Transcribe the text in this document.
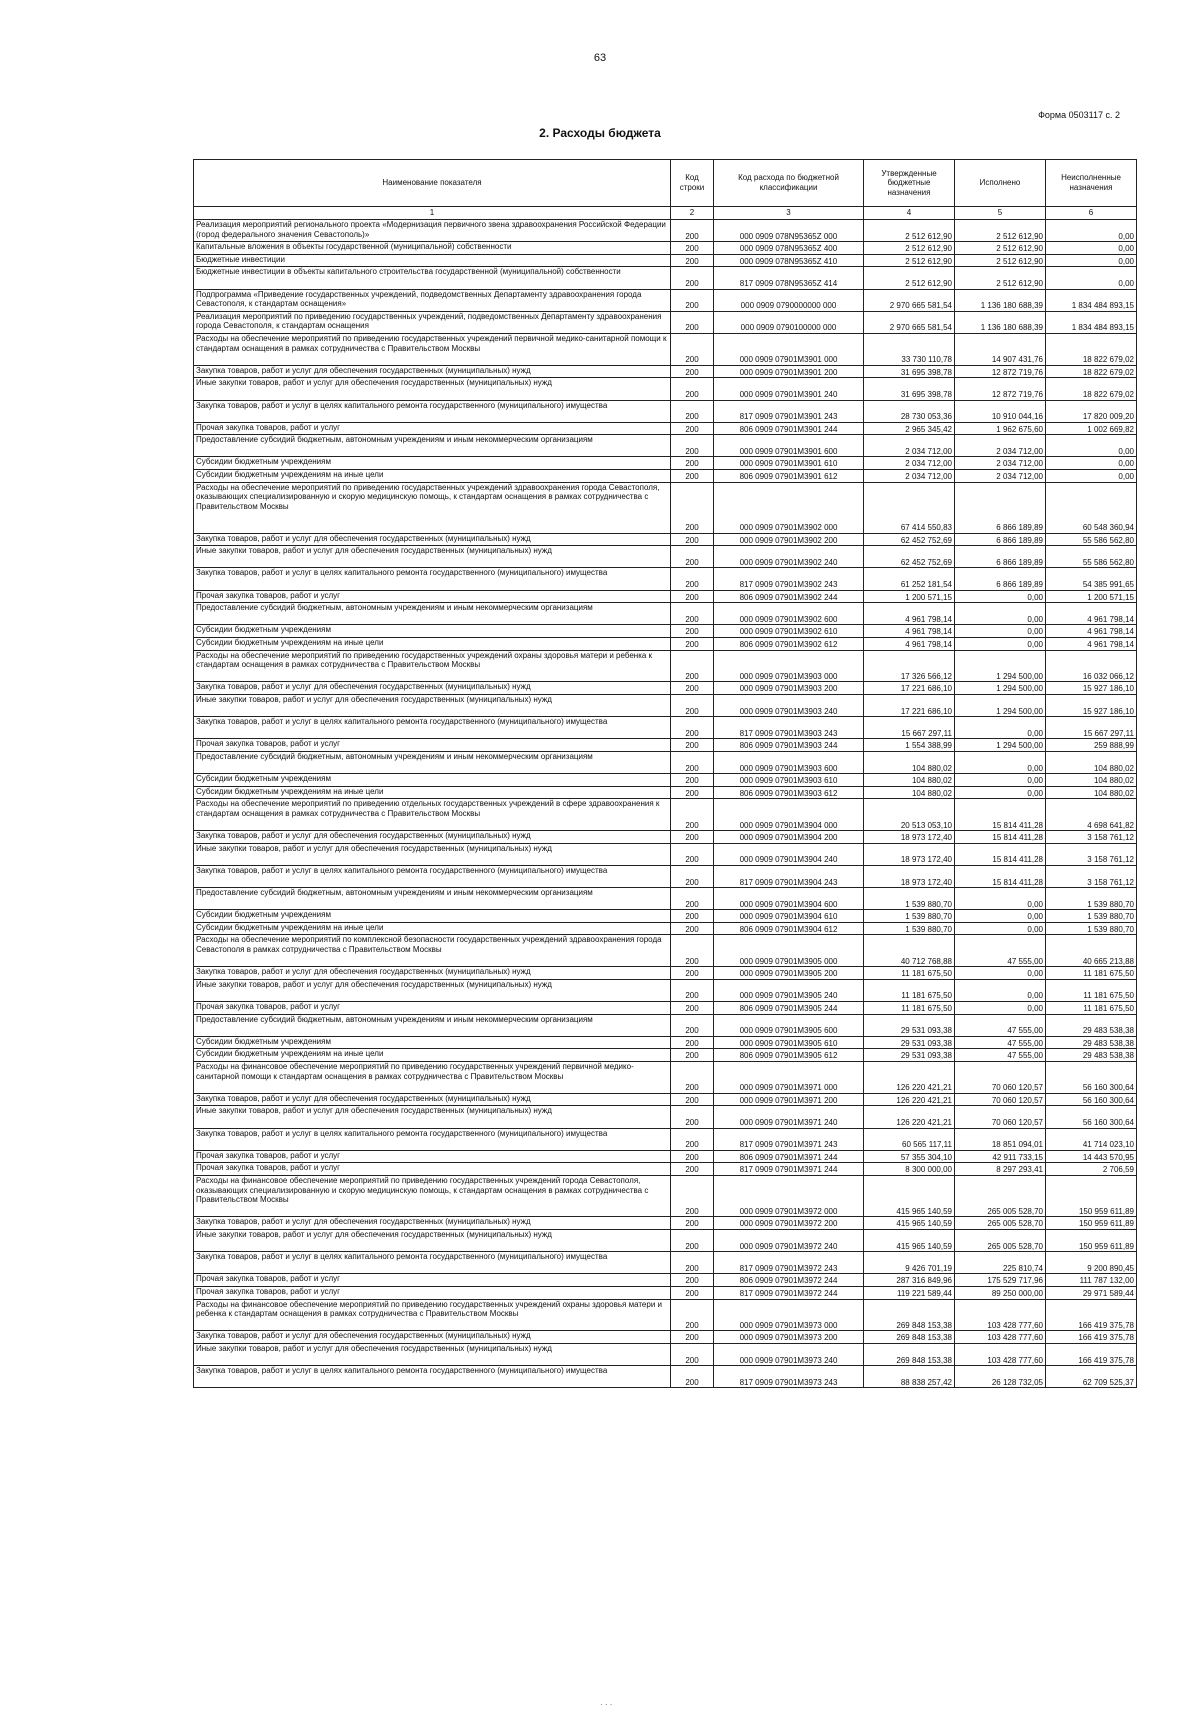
63
Форма 0503117 с. 2
2. Расходы бюджета
Наименование показателя	Код строки	Код расхода по бюджетной классификации	Утвержденные бюджетные назначения	Исполнено	Неисполненные назначения
1	2	3	4	5	6
Реализация мероприятий регионального проекта «Модернизация первичного звена здравоохранения Российской Федерации (город федерального значения Севастополь)»	200	000 0909 078N95365Z 000	2 512 612,90	2 512 612,90	0,00
Капитальные вложения в объекты государственной (муниципальной) собственности	200	000 0909 078N95365Z 400	2 512 612,90	2 512 612,90	0,00
Бюджетные инвестиции	200	000 0909 078N95365Z 410	2 512 612,90	2 512 612,90	0,00
Бюджетные инвестиции в объекты капитального строительства государственной (муниципальной) собственности	200	817 0909 078N95365Z 414	2 512 612,90	2 512 612,90	0,00
Подпрограмма «Приведение государственных учреждений, подведомственных Департаменту здравоохранения города Севастополя, к стандартам оснащения»	200	000 0909 0790000000 000	2 970 665 581,54	1 136 180 688,39	1 834 484 893,15
Реализация мероприятий по приведению государственных учреждений, подведомственных Департаменту здравоохранения города Севастополя, к стандартам оснащения	200	000 0909 0790100000 000	2 970 665 581,54	1 136 180 688,39	1 834 484 893,15
Расходы на обеспечение мероприятий по приведению государственных учреждений первичной медико-санитарной помощи к стандартам оснащения в рамках сотрудничества с Правительством Москвы	200	000 0909 07901M3901 000	33 730 110,78	14 907 431,76	18 822 679,02
Закупка товаров, работ и услуг для обеспечения государственных (муниципальных) нужд	200	000 0909 07901M3901 200	31 695 398,78	12 872 719,76	18 822 679,02
Иные закупки товаров, работ и услуг для обеспечения государственных (муниципальных) нужд	200	000 0909 07901M3901 240	31 695 398,78	12 872 719,76	18 822 679,02
Закупка товаров, работ и услуг в целях капитального ремонта государственного (муниципального) имущества	200	817 0909 07901M3901 243	28 730 053,36	10 910 044,16	17 820 009,20
Прочая закупка товаров, работ и услуг	200	806 0909 07901M3901 244	2 965 345,42	1 962 675,60	1 002 669,82
Предоставление субсидий бюджетным, автономным учреждениям и иным некоммерческим организациям	200	000 0909 07901M3901 600	2 034 712,00	2 034 712,00	0,00
Субсидии бюджетным учреждениям	200	000 0909 07901M3901 610	2 034 712,00	2 034 712,00	0,00
Субсидии бюджетным учреждениям на иные цели	200	806 0909 07901M3901 612	2 034 712,00	2 034 712,00	0,00
Расходы на обеспечение мероприятий по приведению государственных учреждений здравоохранения города Севастополя, оказывающих специализированную и скорую медицинскую помощь, к стандартам оснащения в рамках сотрудничества с Правительством Москвы	200	000 0909 07901M3902 000	67 414 550,83	6 866 189,89	60 548 360,94
Закупка товаров, работ и услуг для обеспечения государственных (муниципальных) нужд	200	000 0909 07901M3902 200	62 452 752,69	6 866 189,89	55 586 562,80
Иные закупки товаров, работ и услуг для обеспечения государственных (муниципальных) нужд	200	000 0909 07901M3902 240	62 452 752,69	6 866 189,89	55 586 562,80
Закупка товаров, работ и услуг в целях капитального ремонта государственного (муниципального) имущества	200	817 0909 07901M3902 243	61 252 181,54	6 866 189,89	54 385 991,65
Прочая закупка товаров, работ и услуг	200	806 0909 07901M3902 244	1 200 571,15	0,00	1 200 571,15
Предоставление субсидий бюджетным, автономным учреждениям и иным некоммерческим организациям	200	000 0909 07901M3902 600	4 961 798,14	0,00	4 961 798,14
Субсидии бюджетным учреждениям	200	000 0909 07901M3902 610	4 961 798,14	0,00	4 961 798,14
Субсидии бюджетным учреждениям на иные цели	200	806 0909 07901M3902 612	4 961 798,14	0,00	4 961 798,14
Расходы на обеспечение мероприятий по приведению государственных учреждений охраны здоровья матери и ребенка к стандартам оснащения в рамках сотрудничества с Правительством Москвы	200	000 0909 07901M3903 000	17 326 566,12	1 294 500,00	16 032 066,12
Закупка товаров, работ и услуг для обеспечения государственных (муниципальных) нужд	200	000 0909 07901M3903 200	17 221 686,10	1 294 500,00	15 927 186,10
Иные закупки товаров, работ и услуг для обеспечения государственных (муниципальных) нужд	200	000 0909 07901M3903 240	17 221 686,10	1 294 500,00	15 927 186,10
Закупка товаров, работ и услуг в целях капитального ремонта государственного (муниципального) имущества	200	817 0909 07901M3903 243	15 667 297,11	0,00	15 667 297,11
Прочая закупка товаров, работ и услуг	200	806 0909 07901M3903 244	1 554 388,99	1 294 500,00	259 888,99
Предоставление субсидий бюджетным, автономным учреждениям и иным некоммерческим организациям	200	000 0909 07901M3903 600	104 880,02	0,00	104 880,02
Субсидии бюджетным учреждениям	200	000 0909 07901M3903 610	104 880,02	0,00	104 880,02
Субсидии бюджетным учреждениям на иные цели	200	806 0909 07901M3903 612	104 880,02	0,00	104 880,02
Расходы на обеспечение мероприятий по приведению отдельных государственных учреждений в сфере здравоохранения к стандартам оснащения в рамках сотрудничества с Правительством Москвы	200	000 0909 07901M3904 000	20 513 053,10	15 814 411,28	4 698 641,82
Закупка товаров, работ и услуг для обеспечения государственных (муниципальных) нужд	200	000 0909 07901M3904 200	18 973 172,40	15 814 411,28	3 158 761,12
Иные закупки товаров, работ и услуг для обеспечения государственных (муниципальных) нужд	200	000 0909 07901M3904 240	18 973 172,40	15 814 411,28	3 158 761,12
Закупка товаров, работ и услуг в целях капитального ремонта государственного (муниципального) имущества	200	817 0909 07901M3904 243	18 973 172,40	15 814 411,28	3 158 761,12
Предоставление субсидий бюджетным, автономным учреждениям и иным некоммерческим организациям	200	000 0909 07901M3904 600	1 539 880,70	0,00	1 539 880,70
Субсидии бюджетным учреждениям	200	000 0909 07901M3904 610	1 539 880,70	0,00	1 539 880,70
Субсидии бюджетным учреждениям на иные цели	200	806 0909 07901M3904 612	1 539 880,70	0,00	1 539 880,70
Расходы на обеспечение мероприятий по комплексной безопасности государственных учреждений здравоохранения города Севастополя в рамках сотрудничества с Правительством Москвы	200	000 0909 07901M3905 000	40 712 768,88	47 555,00	40 665 213,88
Закупка товаров, работ и услуг для обеспечения государственных (муниципальных) нужд	200	000 0909 07901M3905 200	11 181 675,50	0,00	11 181 675,50
Иные закупки товаров, работ и услуг для обеспечения государственных (муниципальных) нужд	200	000 0909 07901M3905 240	11 181 675,50	0,00	11 181 675,50
Прочая закупка товаров, работ и услуг	200	806 0909 07901M3905 244	11 181 675,50	0,00	11 181 675,50
Предоставление субсидий бюджетным, автономным учреждениям и иным некоммерческим организациям	200	000 0909 07901M3905 600	29 531 093,38	47 555,00	29 483 538,38
Субсидии бюджетным учреждениям	200	000 0909 07901M3905 610	29 531 093,38	47 555,00	29 483 538,38
Субсидии бюджетным учреждениям на иные цели	200	806 0909 07901M3905 612	29 531 093,38	47 555,00	29 483 538,38
Расходы на финансовое обеспечение мероприятий по приведению государственных учреждений первичной медико-санитарной помощи к стандартам оснащения в рамках сотрудничества с Правительством Москвы	200	000 0909 07901M3971 000	126 220 421,21	70 060 120,57	56 160 300,64
Закупка товаров, работ и услуг для обеспечения государственных (муниципальных) нужд	200	000 0909 07901M3971 200	126 220 421,21	70 060 120,57	56 160 300,64
Иные закупки товаров, работ и услуг для обеспечения государственных (муниципальных) нужд	200	000 0909 07901M3971 240	126 220 421,21	70 060 120,57	56 160 300,64
Закупка товаров, работ и услуг в целях капитального ремонта государственного (муниципального) имущества	200	817 0909 07901M3971 243	60 565 117,11	18 851 094,01	41 714 023,10
Прочая закупка товаров, работ и услуг	200	806 0909 07901M3971 244	57 355 304,10	42 911 733,15	14 443 570,95
Прочая закупка товаров, работ и услуг	200	817 0909 07901M3971 244	8 300 000,00	8 297 293,41	2 706,59
Расходы на финансовое обеспечение мероприятий по приведению государственных учреждений города Севастополя, оказывающих специализированную и скорую медицинскую помощь, к стандартам оснащения в рамках сотрудничества с Правительством Москвы	200	000 0909 07901M3972 000	415 965 140,59	265 005 528,70	150 959 611,89
Закупка товаров, работ и услуг для обеспечения государственных (муниципальных) нужд	200	000 0909 07901M3972 200	415 965 140,59	265 005 528,70	150 959 611,89
Иные закупки товаров, работ и услуг для обеспечения государственных (муниципальных) нужд	200	000 0909 07901M3972 240	415 965 140,59	265 005 528,70	150 959 611,89
Закупка товаров, работ и услуг в целях капитального ремонта государственного (муниципального) имущества	200	817 0909 07901M3972 243	9 426 701,19	225 810,74	9 200 890,45
Прочая закупка товаров, работ и услуг	200	806 0909 07901M3972 244	287 316 849,96	175 529 717,96	111 787 132,00
Прочая закупка товаров, работ и услуг	200	817 0909 07901M3972 244	119 221 589,44	89 250 000,00	29 971 589,44
Расходы на финансовое обеспечение мероприятий по приведению государственных учреждений охраны здоровья матери и ребенка к стандартам оснащения в рамках сотрудничества с Правительством Москвы	200	000 0909 07901M3973 000	269 848 153,38	103 428 777,60	166 419 375,78
Закупка товаров, работ и услуг для обеспечения государственных (муниципальных) нужд	200	000 0909 07901M3973 200	269 848 153,38	103 428 777,60	166 419 375,78
Иные закупки товаров, работ и услуг для обеспечения государственных (муниципальных) нужд	200	000 0909 07901M3973 240	269 848 153,38	103 428 777,60	166 419 375,78
Закупка товаров, работ и услуг в целях капитального ремонта государственного (муниципального) имущества	200	817 0909 07901M3973 243	88 838 257,42	26 128 732,05	62 709 525,37
· · ·
